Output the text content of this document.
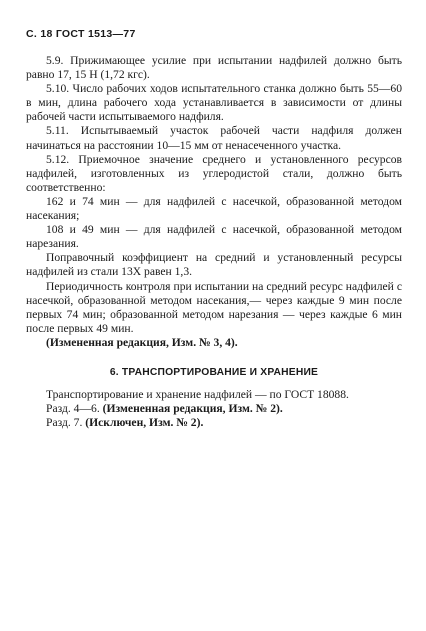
С. 18 ГОСТ 1513—77

5.9. Прижимающее усилие при испытании надфилей должно быть равно 17, 15 Н (1,72 кгс).

5.10. Число рабочих ходов испытательного станка должно быть 55—60 в мин, длина рабочего хода устанавливается в зависимости от длины рабочей части испытываемого надфиля.

5.11. Испытываемый участок рабочей части надфиля должен начинаться на расстоянии 10—15 мм от ненасеченного участка.

5.12. Приемочное значение среднего и установленного ресурсов надфилей, изготовленных из углеродистой стали, должно быть соответственно:

162 и 74 мин — для надфилей с насечкой, образованной методом насекания;

108 и 49 мин — для надфилей с насечкой, образованной методом нарезания.

Поправочный коэффициент на средний и установленный ресурсы надфилей из стали 13Х равен 1,3.

Периодичность контроля при испытании на средний ресурс надфилей с насечкой, образованной методом насекания,— через каждые 9 мин после первых 74 мин; образованной методом нарезания — через каждые 6 мин после первых 49 мин.

(Измененная редакция, Изм. № 3, 4).

6. ТРАНСПОРТИРОВАНИЕ И ХРАНЕНИЕ

Транспортирование и хранение надфилей — по ГОСТ 18088.

Разд. 4—6. (Измененная редакция, Изм. № 2).

Разд. 7. (Исключен, Изм. № 2).
